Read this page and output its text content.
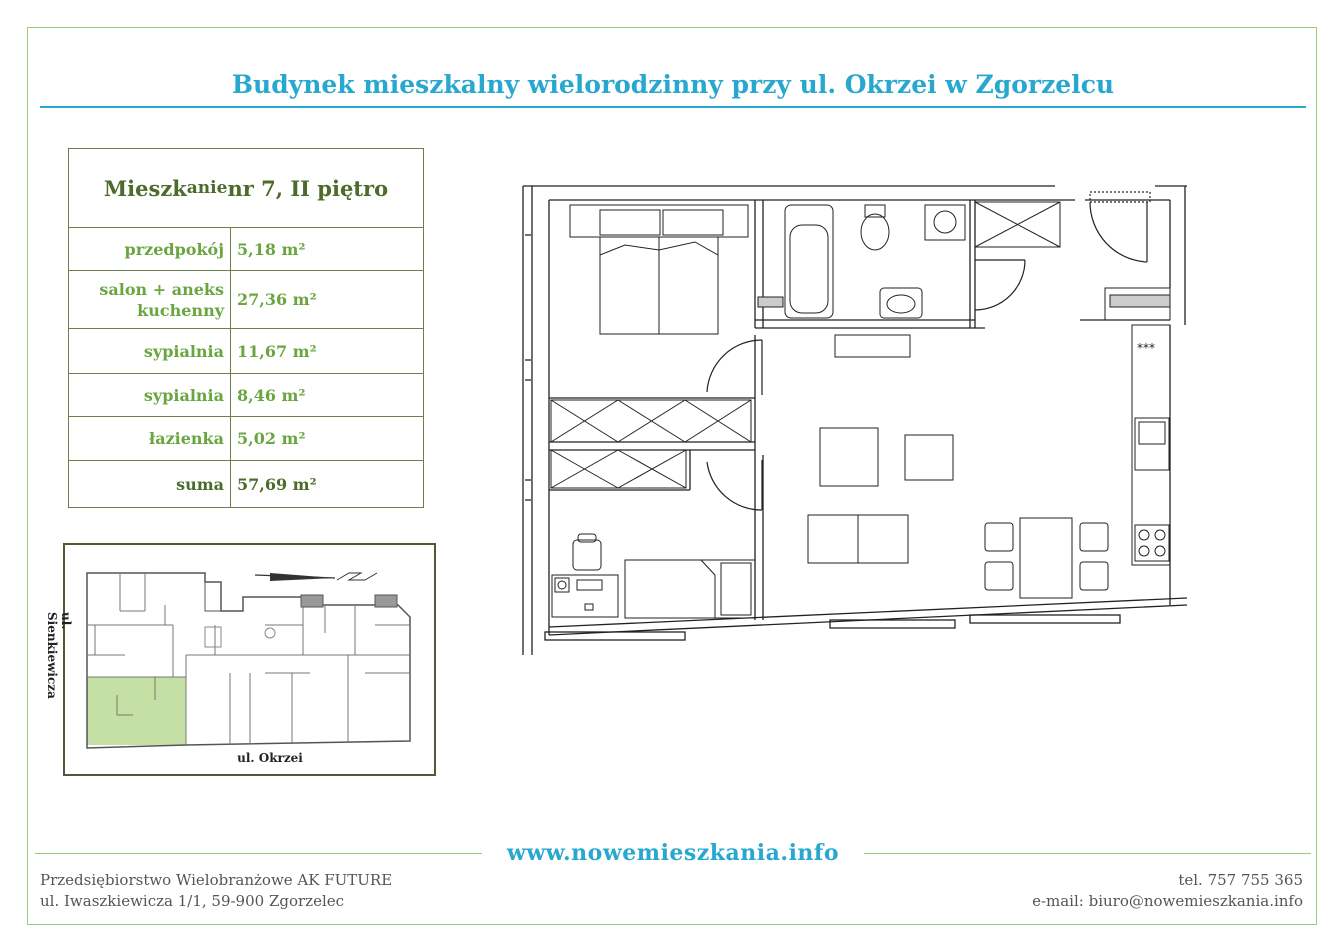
Budynek mieszkalny wielorodzinny przy ul. Okrzei w Zgorzelcu
Mieszk anie nr 7, II piętro
przedpokój 5,18 m²
salon + aneks kuchenny
27,36 m²
sypialnia 11,67 m²
sypialnia 8,46 m²
łazienka 5,02 m²
suma 57,69 m²
ul. Sienkiewicza
ul. Okrzei
***
www.nowemieszkania.info
Przedsiębiorstwo Wielobranżowe AK FUTURE
ul. Iwaszkiewicza 1/1, 59-900 Zgorzelec
tel. 757 755 365
e-mail: biuro@nowemieszkania.info
